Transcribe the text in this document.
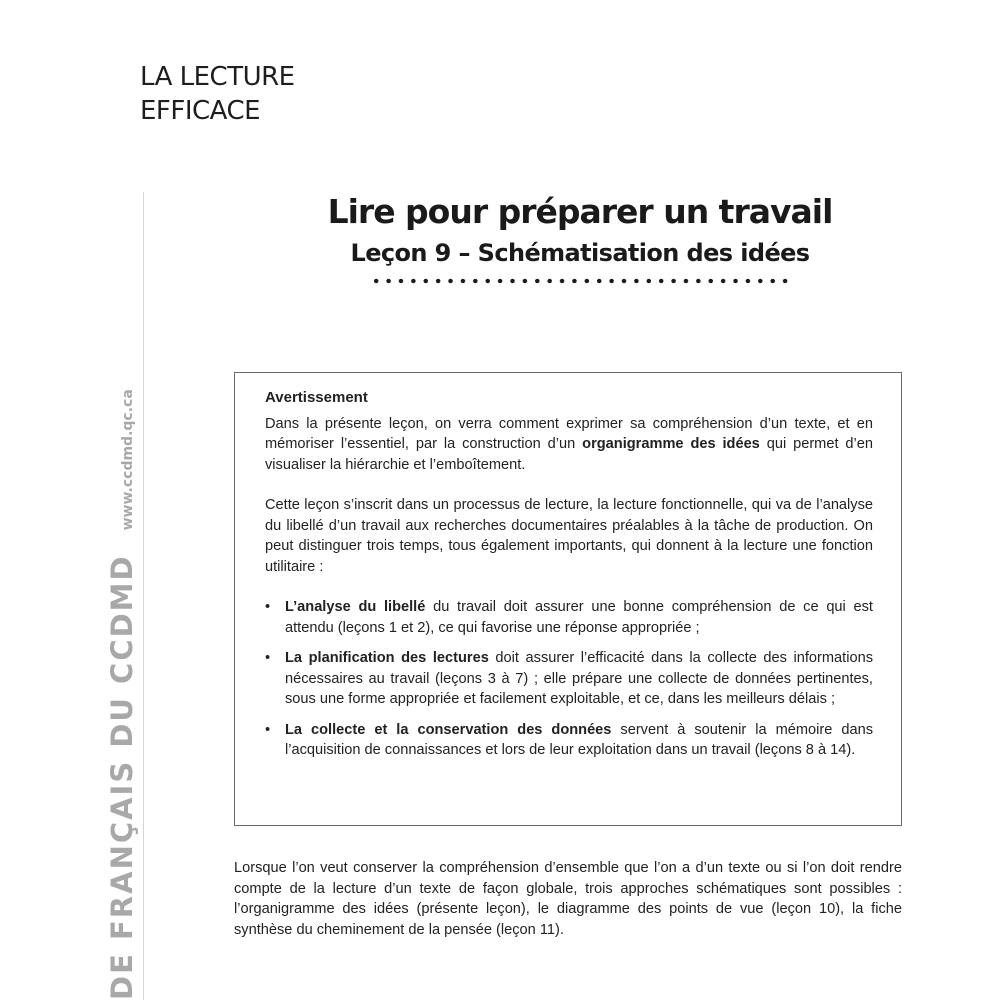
LA LECTURE
EFFICACE
DE FRANÇAIS DU CCDMDwww.ccdmd.qc.ca
Lire pour préparer un travail
Leçon 9 – Schématisation des idées
Avertissement

Dans la présente leçon, on verra comment exprimer sa compréhension d’un texte, et en mémoriser l’essentiel, par la construction d’un organigramme des idées qui permet d’en visualiser la hiérarchie et l’emboîtement.

Cette leçon s’inscrit dans un processus de lecture, la lecture fonctionnelle, qui va de l’analyse du libellé d’un travail aux recherches documentaires préalables à la tâche de production. On peut distinguer trois temps, tous également importants, qui donnent à la lecture une fonction utilitaire :

• L’analyse du libellé du travail doit assurer une bonne compréhension de ce qui est attendu (leçons 1 et 2), ce qui favorise une réponse appropriée ;
• La planification des lectures doit assurer l’efficacité dans la collecte des informations nécessaires au travail (leçons 3 à 7) ; elle prépare une collecte de données pertinentes, sous une forme appropriée et facilement exploitable, et ce, dans les meilleurs délais ;
• La collecte et la conservation des données servent à soutenir la mémoire dans l’acquisition de connaissances et lors de leur exploitation dans un travail (leçons 8 à 14).

Lorsque l’on veut conserver la compréhension d’ensemble que l’on a d’un texte ou si l’on doit rendre compte de la lecture d’un texte de façon globale, trois approches schématiques sont possibles : l’organigramme des idées (présente leçon), le diagramme des points de vue (leçon 10), la fiche synthèse du cheminement de la pensée (leçon 11).
